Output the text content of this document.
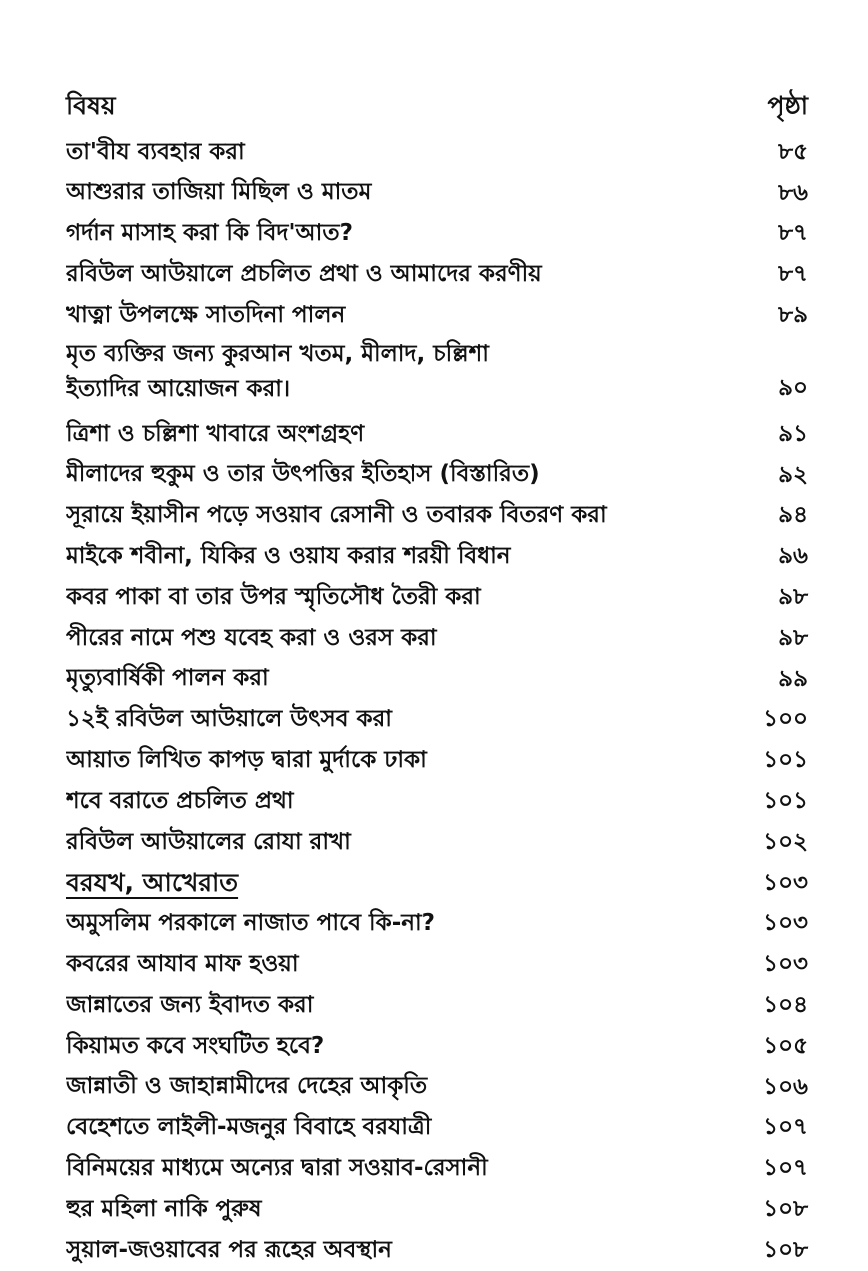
বিষয়	পৃষ্ঠা
তা'বীয ব্যবহার করা	৮৫
আশুরার তাজিয়া মিছিল ও মাতম	৮৬
গর্দান মাসাহ করা কি বিদ'আত?	৮৭
রবিউল আউয়ালে প্রচলিত প্রথা ও আমাদের করণীয়	৮৭
খাত্না উপলক্ষে সাতদিনা পালন	৮৯
মৃত ব্যক্তির জন্য কুরআন খতম, মীলাদ, চল্লিশা
ইত্যাদির আয়োজন করা।	৯০
ত্রিশা ও চল্লিশা খাবারে অংশগ্রহণ	৯১
মীলাদের হুকুম ও তার উৎপত্তির ইতিহাস (বিস্তারিত)	৯২
সূরায়ে ইয়াসীন পড়ে সওয়াব রেসানী ও তবারক বিতরণ করা	৯৪
মাইকে শবীনা, যিকির ও ওয়ায করার শরয়ী বিধান	৯৬
কবর পাকা বা তার উপর স্মৃতিসৌধ তৈরী করা	৯৮
পীরের নামে পশু যবেহ করা ও ওরস করা	৯৮
মৃত্যুবার্ষিকী পালন করা	৯৯
১২ই রবিউল আউয়ালে উৎসব করা	১০০
আয়াত লিখিত কাপড় দ্বারা মুর্দাকে ঢাকা	১০১
শবে বরাতে প্রচলিত প্রথা	১০১
রবিউল আউয়ালের রোযা রাখা	১০২
বরযখ, আখেরাত	১০৩
অমুসলিম পরকালে নাজাত পাবে কি-না?	১০৩
কবরের আযাব মাফ হওয়া	১০৩
জান্নাতের জন্য ইবাদত করা	১০৪
কিয়ামত কবে সংঘটিত হবে?	১০৫
জান্নাতী ও জাহান্নামীদের দেহের আকৃতি	১০৬
বেহেশতে লাইলী-মজনুর বিবাহে বরযাত্রী	১০৭
বিনিময়ের মাধ্যমে অন্যের দ্বারা সওয়াব-রেসানী	১০৭
হুর মহিলা নাকি পুরুষ	১০৮
সুয়াল-জওয়াবের পর রূহের অবস্থান	১০৮
